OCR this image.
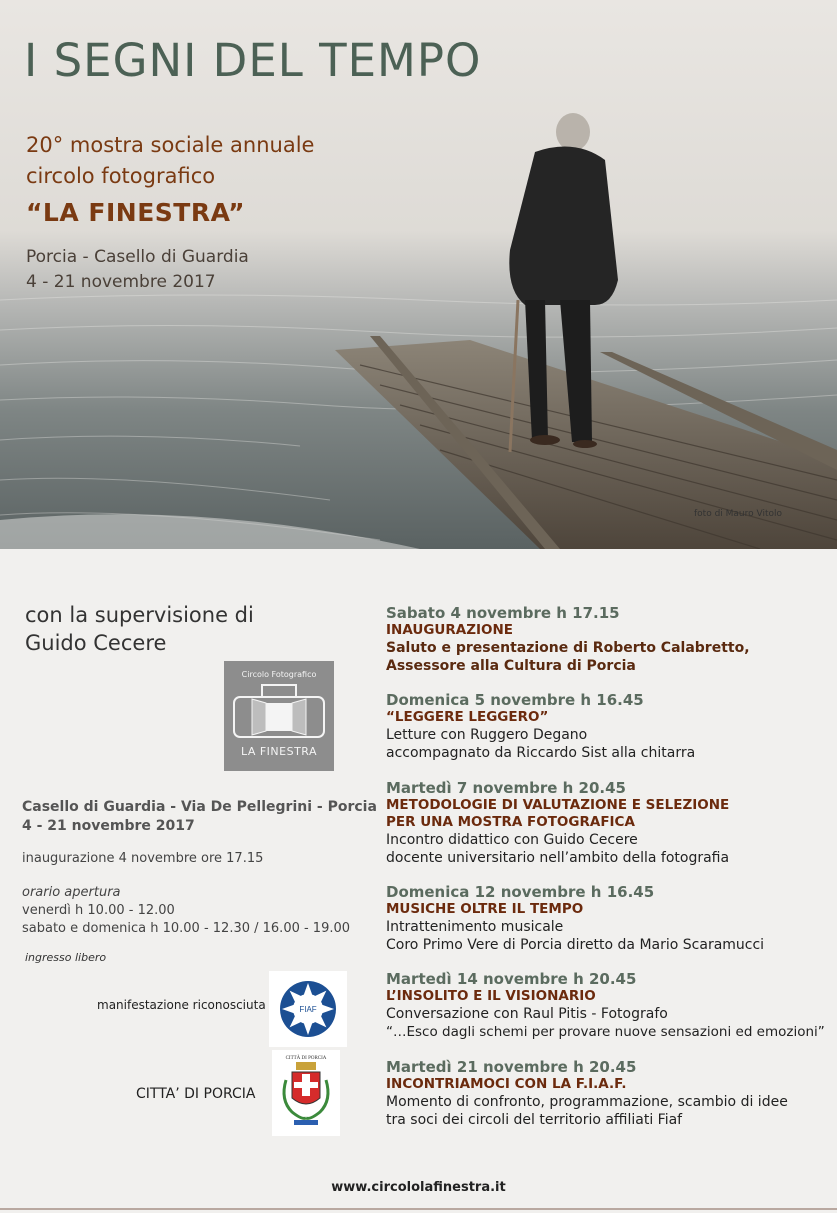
I SEGNI DEL TEMPO

20° mostra sociale annuale

circolo fotografico

“LA FINESTRA”

Porcia - Casello di Guardia

4 - 21 novembre 2017

foto di Mauro Vitolo
con la supervisione di
Guido Cecere
Circolo Fotografico
LA FINESTRA
Casello di Guardia - Via De Pellegrini - Porcia
4 - 21 novembre 2017
inaugurazione 4 novembre ore 17.15
orario apertura
venerdì h 10.00 - 12.00
sabato e domenica h 10.00 - 12.30 / 16.00 - 19.00
ingresso libero
manifestazione riconosciuta	FIAF
CITTA’ DI PORCIA
CITTÀ DI PORCIA
Sabato 4 novembre h 17.15
INAUGURAZIONE
Saluto e presentazione di Roberto Calabretto,
Assessore alla Cultura di Porcia
Domenica 5 novembre h 16.45
“LEGGERE LEGGERO”
Letture con Ruggero Degano
accompagnato da Riccardo Sist alla chitarra
Martedì 7 novembre h 20.45
METODOLOGIE DI VALUTAZIONE E SELEZIONE
PER UNA MOSTRA FOTOGRAFICA
Incontro didattico con Guido Cecere
docente universitario nell’ambito della fotografia
Domenica 12 novembre h 16.45
MUSICHE OLTRE IL TEMPO
Intrattenimento musicale
Coro Primo Vere di Porcia diretto da Mario Scaramucci
Martedì 14 novembre h 20.45
L’INSOLITO E IL VISIONARIO
Conversazione con Raul Pitis - Fotografo
“…Esco dagli schemi per provare nuove sensazioni ed emozioni”
Martedì 21 novembre h 20.45
INCONTRIAMOCI CON LA F.I.A.F.
Momento di confronto, programmazione, scambio di idee
tra soci dei circoli del territorio affiliati Fiaf
www.circololafinestra.it
